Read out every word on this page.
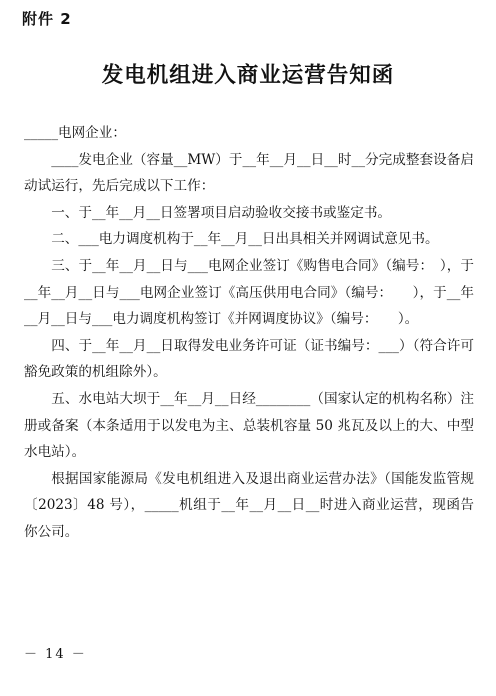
附件 2
发电机组进入商业运营告知函
_____电网企业：
____发电企业（容量__MW）于__年__月__日__时__分完成整套设备启动试运行，先后完成以下工作：
一、于__年__月__日签署项目启动验收交接书或鉴定书。
二、___电力调度机构于__年__月__日出具相关并网调试意见书。
三、于__年__月__日与___电网企业签订《购售电合同》（编号：　），于__年__月__日与___电网企业签订《高压供用电合同》（编号：　　），于__年__月__日与___电力调度机构签订《并网调度协议》（编号：　　）。
四、于__年__月__日取得发电业务许可证（证书编号：___）（符合许可豁免政策的机组除外）。
五、水电站大坝于__年__月__日经________（国家认定的机构名称）注册或备案（本条适用于以发电为主、总装机容量 50 兆瓦及以上的大、中型水电站）。
根据国家能源局《发电机组进入及退出商业运营办法》（国能发监管规〔2023〕48 号），_____机组于__年__月__日__时进入商业运营，现函告你公司。
－ 14 －
